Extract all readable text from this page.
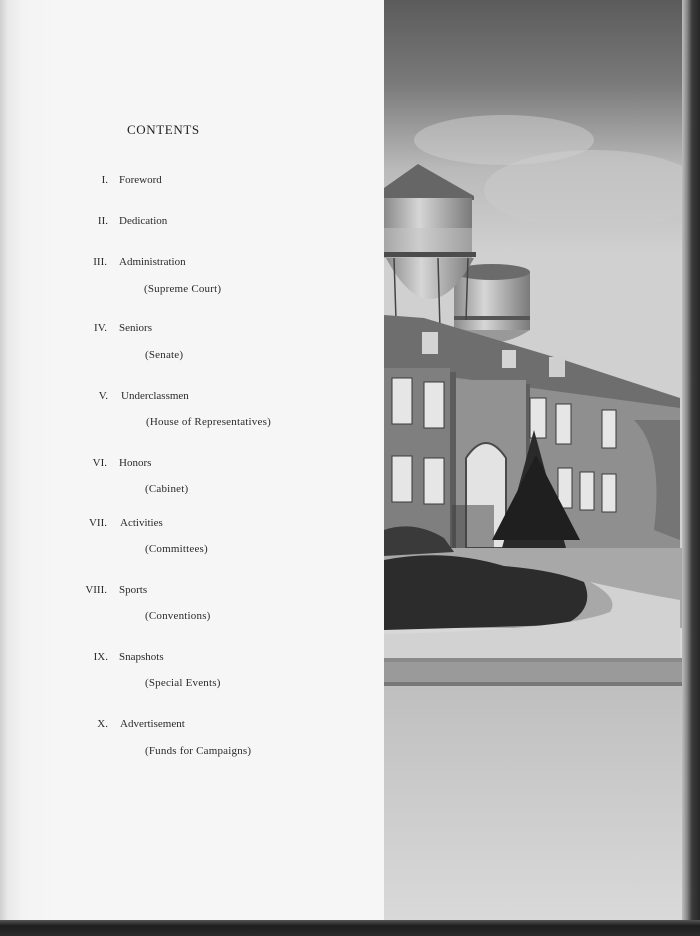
CONTENTS
I. Foreword
II. Dedication
III. Administration
(Supreme Court)
IV. Seniors
(Senate)
V. Underclassmen
(House of Representatives)
VI. Honors
(Cabinet)
VII. Activities
(Committees)
VIII. Sports
(Conventions)
IX. Snapshots
(Special Events)
X. Advertisement
(Funds for Campaigns)
